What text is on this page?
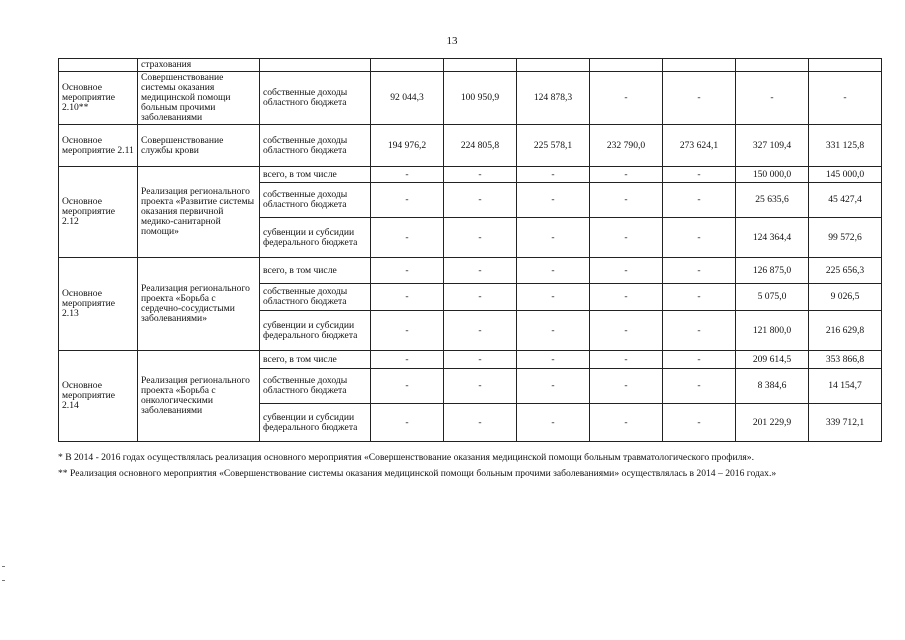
13
	страхования								
Основное мероприятие 2.10**	Совершенствование системы оказания медицинской помощи больным прочими заболеваниями	собственные доходы областного бюджета	92 044,3	100 950,9	124 878,3	-	-	-	-
Основное мероприятие 2.11	Совершенствование службы крови	собственные доходы областного бюджета	194 976,2	224 805,8	225 578,1	232 790,0	273 624,1	327 109,4	331 125,8
Основное мероприятие 2.12	Реализация регионального проекта «Развитие системы оказания первичной медико-санитарной помощи»	всего, в том числе	-	-	-	-	-	150 000,0	145 000,0
		собственные доходы областного бюджета	-	-	-	-	-	25 635,6	45 427,4
		субвенции и субсидии федерального бюджета	-	-	-	-	-	124 364,4	99 572,6
Основное мероприятие 2.13	Реализация регионального проекта «Борьба с сердечно-сосудистыми заболеваниями»	всего, в том числе	-	-	-	-	-	126 875,0	225 656,3
		собственные доходы областного бюджета	-	-	-	-	-	5 075,0	9 026,5
		субвенции и субсидии федерального бюджета	-	-	-	-	-	121 800,0	216 629,8
Основное мероприятие 2.14	Реализация регионального проекта «Борьба с онкологическими заболеваниями	всего, в том числе	-	-	-	-	-	209 614,5	353 866,8
		собственные доходы областного бюджета	-	-	-	-	-	8 384,6	14 154,7
		субвенции и субсидии федерального бюджета	-	-	-	-	-	201 229,9	339 712,1

* В 2014 - 2016 годах осуществлялась реализация основного мероприятия «Совершенствование оказания медицинской помощи больным травматологического профиля».

** Реализация основного мероприятия «Совершенствование системы оказания медицинской помощи больным прочими заболеваниями» осуществлялась в 2014 – 2016 годах.»
